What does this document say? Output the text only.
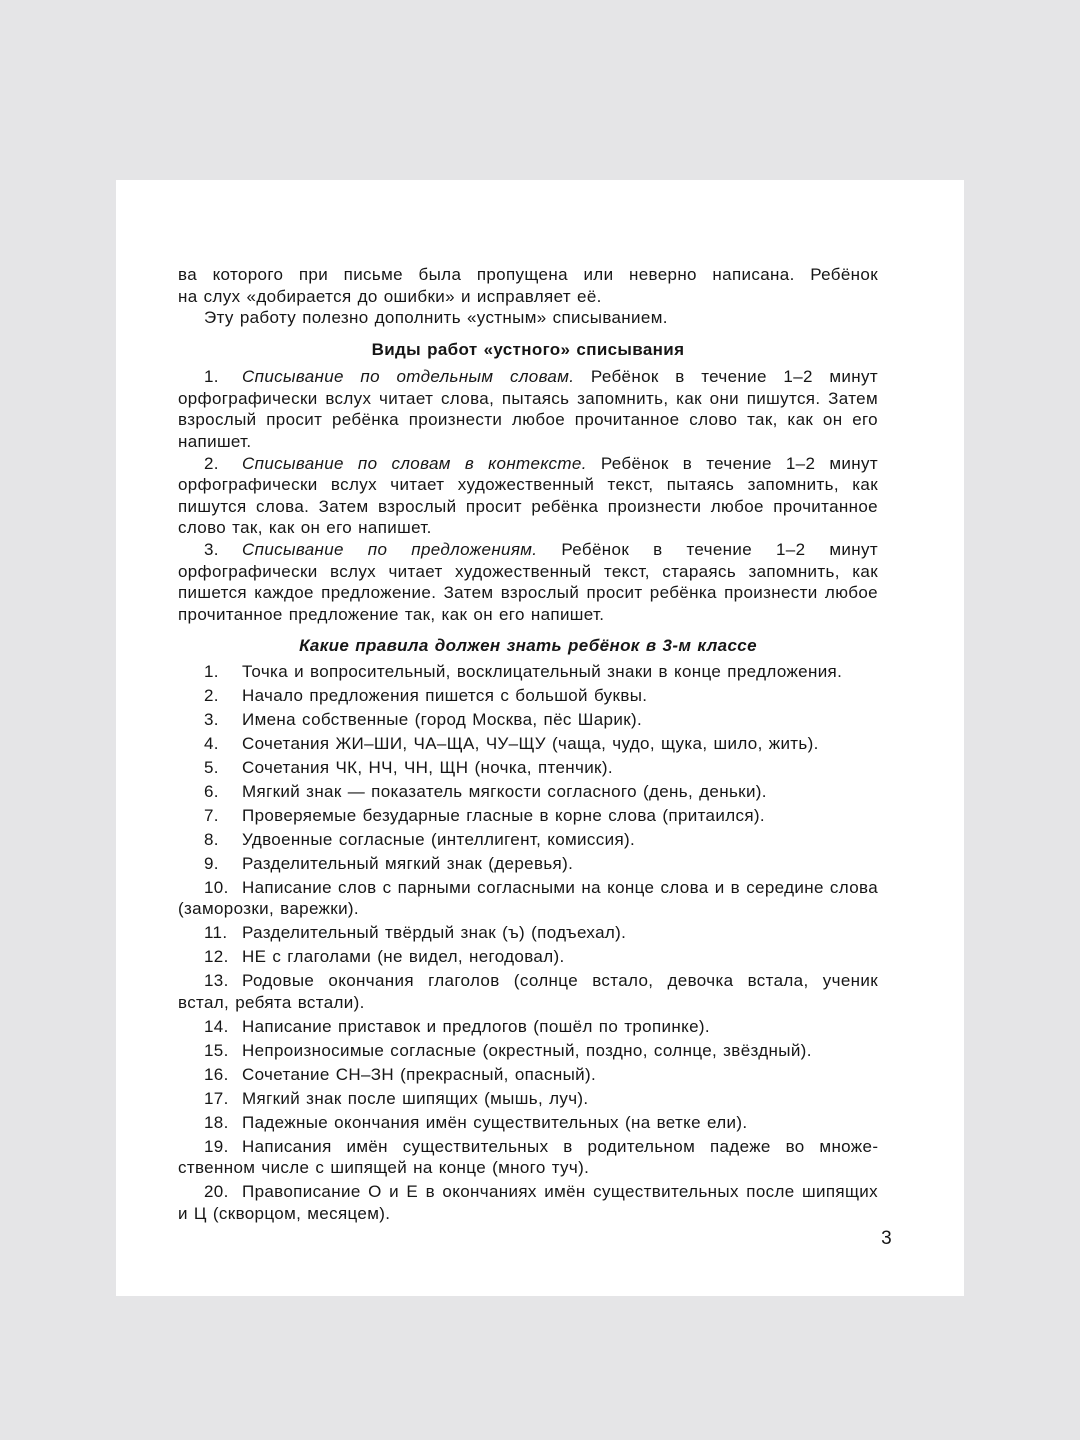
ва которого при письме была пропущена или неверно написана. Ребёнок

на слух «добирается до ошибки» и исправляет её.

Эту работу полезно дополнить «устным» списыванием.

Виды работ «устного» списывания

1. Списывание по отдельным словам. Ребёнок в течение 1–2 минут орфографически вслух читает слова, пытаясь запомнить, как они пишутся. Затем взрослый просит ребёнка произнести любое прочитанное слово так, как он его напишет.

2. Списывание по словам в контексте. Ребёнок в течение 1–2 минут орфографически вслух читает художественный текст, пытаясь запомнить, как пишутся слова. Затем взрослый просит ребёнка произнести любое прочитанное слово так, как он его напишет.

3. Списывание по предложениям. Ребёнок в течение 1–2 минут орфографически вслух читает художественный текст, стараясь запомнить, как пишется каждое предложение. Затем взрослый просит ребёнка произнести любое прочитанное предложение так, как он его напишет.

Какие правила должен знать ребёнок в 3-м классе

1. Точка и вопросительный, восклицательный знаки в конце предложения.

2. Начало предложения пишется с большой буквы.

3. Имена собственные (город Москва, пёс Шарик).

4. Сочетания ЖИ–ШИ, ЧА–ЩА, ЧУ–ЩУ (чаща, чудо, щука, шило, жить).

5. Сочетания ЧК, НЧ, ЧН, ЩН (ночка, птенчик).

6. Мягкий знак — показатель мягкости согласного (день, деньки).

7. Проверяемые безударные гласные в корне слова (притаился).

8. Удвоенные согласные (интеллигент, комиссия).

9. Разделительный мягкий знак (деревья).

10. Написание слов с парными согласными на конце слова и в середине слова (заморозки, варежки).

11. Разделительный твёрдый знак (ъ) (подъехал).

12. НЕ с глаголами (не видел, негодовал).

13. Родовые окончания глаголов (солнце встало, девочка встала, ученик встал, ребята встали).

14. Написание приставок и предлогов (пошёл по тропинке).

15. Непроизносимые согласные (окрестный, поздно, солнце, звёздный).

16. Сочетание СН–ЗН (прекрасный, опасный).

17. Мягкий знак после шипящих (мышь, луч).

18. Падежные окончания имён существительных (на ветке ели).

19. Написания имён существительных в родительном падеже во множественном числе с шипящей на конце (много туч).

20. Правописание О и Е в окончаниях имён существительных после шипящих и Ц (скворцом, месяцем).

3
